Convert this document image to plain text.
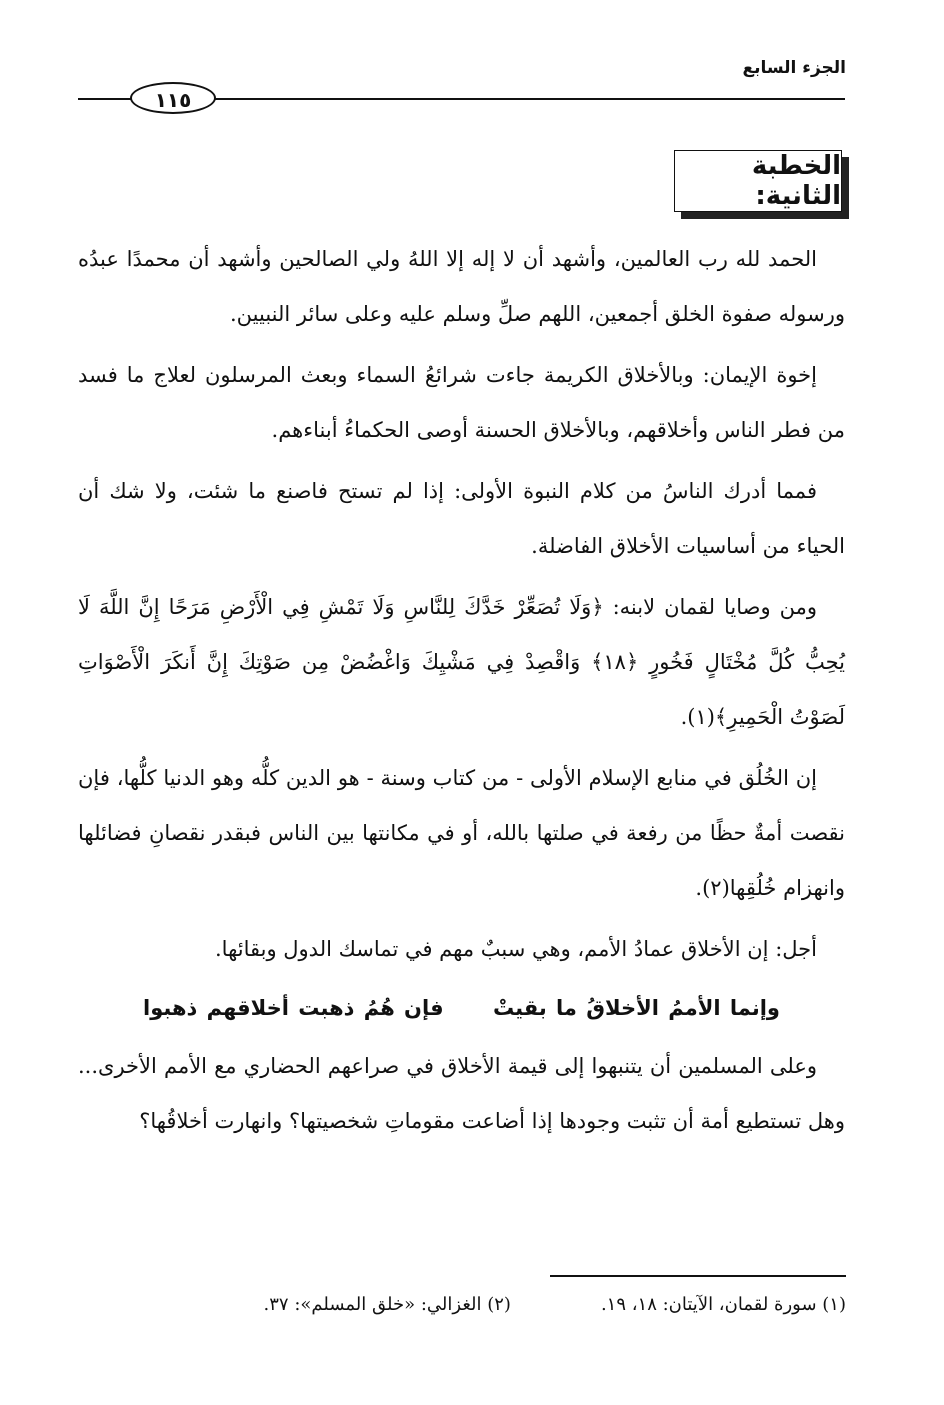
الجزء السابع
١١٥
الخطبة الثانية:

الحمد لله رب العالمين، وأشهد أن لا إله إلا اللهُ ولي الصالحين وأشهد أن محمدًا عبدُه ورسوله صفوة الخلق أجمعين، اللهم صلِّ وسلم عليه وعلى سائر النبيين.

إخوة الإيمان: وبالأخلاق الكريمة جاءت شرائعُ السماء وبعث المرسلون لعلاج ما فسد من فطر الناس وأخلاقهم، وبالأخلاق الحسنة أوصى الحكماءُ أبناءهم.

فمما أدرك الناسُ من كلام النبوة الأولى: إذا لم تستح فاصنع ما شئت، ولا شك أن الحياء من أساسيات الأخلاق الفاضلة.

ومن وصايا لقمان لابنه: ﴿وَلَا تُصَعِّرْ خَدَّكَ لِلنَّاسِ وَلَا تَمْشِ فِي الْأَرْضِ مَرَحًا إِنَّ اللَّهَ لَا يُحِبُّ كُلَّ مُخْتَالٍ فَخُورٍ ﴿١٨﴾ وَاقْصِدْ فِي مَشْيِكَ وَاغْضُضْ مِن صَوْتِكَ إِنَّ أَنكَرَ الْأَصْوَاتِ لَصَوْتُ الْحَمِيرِ﴾(١).

إن الخُلُق في منابع الإسلام الأولى - من كتاب وسنة - هو الدين كلُّه وهو الدنيا كلُّها، فإن نقصت أمةٌ حظًا من رفعة في صلتها بالله، أو في مكانتها بين الناس فبقدر نقصانِ فضائلها وانهزام خُلُقِها(٢).

أجل: إن الأخلاق عمادُ الأمم، وهي سببٌ مهم في تماسك الدول وبقائها.

وإنما الأممُ الأخلاقُ ما بقيتْ فإن هُمُ ذهبت أخلاقهم ذهبوا

وعلى المسلمين أن يتنبهوا إلى قيمة الأخلاق في صراعهم الحضاري مع الأمم الأخرى... وهل تستطيع أمة أن تثبت وجودها إذا أضاعت مقوماتِ شخصيتها؟ وانهارت أخلاقُها؟

(١) سورة لقمان، الآيتان: ١٨، ١٩.
(٢) الغزالي: «خلق المسلم»: ٣٧.
